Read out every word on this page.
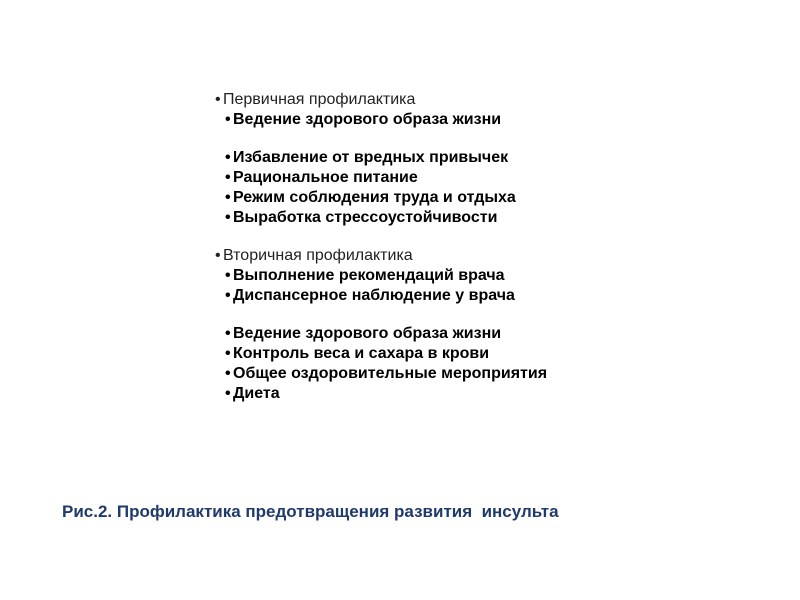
• Первичная профилактика
• Ведение здорового образа жизни
• Избавление от вредных привычек
• Рациональное питание
• Режим соблюдения труда и отдыха
• Выработка стрессоустойчивости
• Вторичная профилактика
• Выполнение рекомендаций врача
• Диспансерное наблюдение у врача
• Ведение здорового образа жизни
• Контроль веса и сахара в крови
• Общее оздоровительные мероприятия
• Диета
Рис.2. Профилактика предотвращения развития  инсульта
